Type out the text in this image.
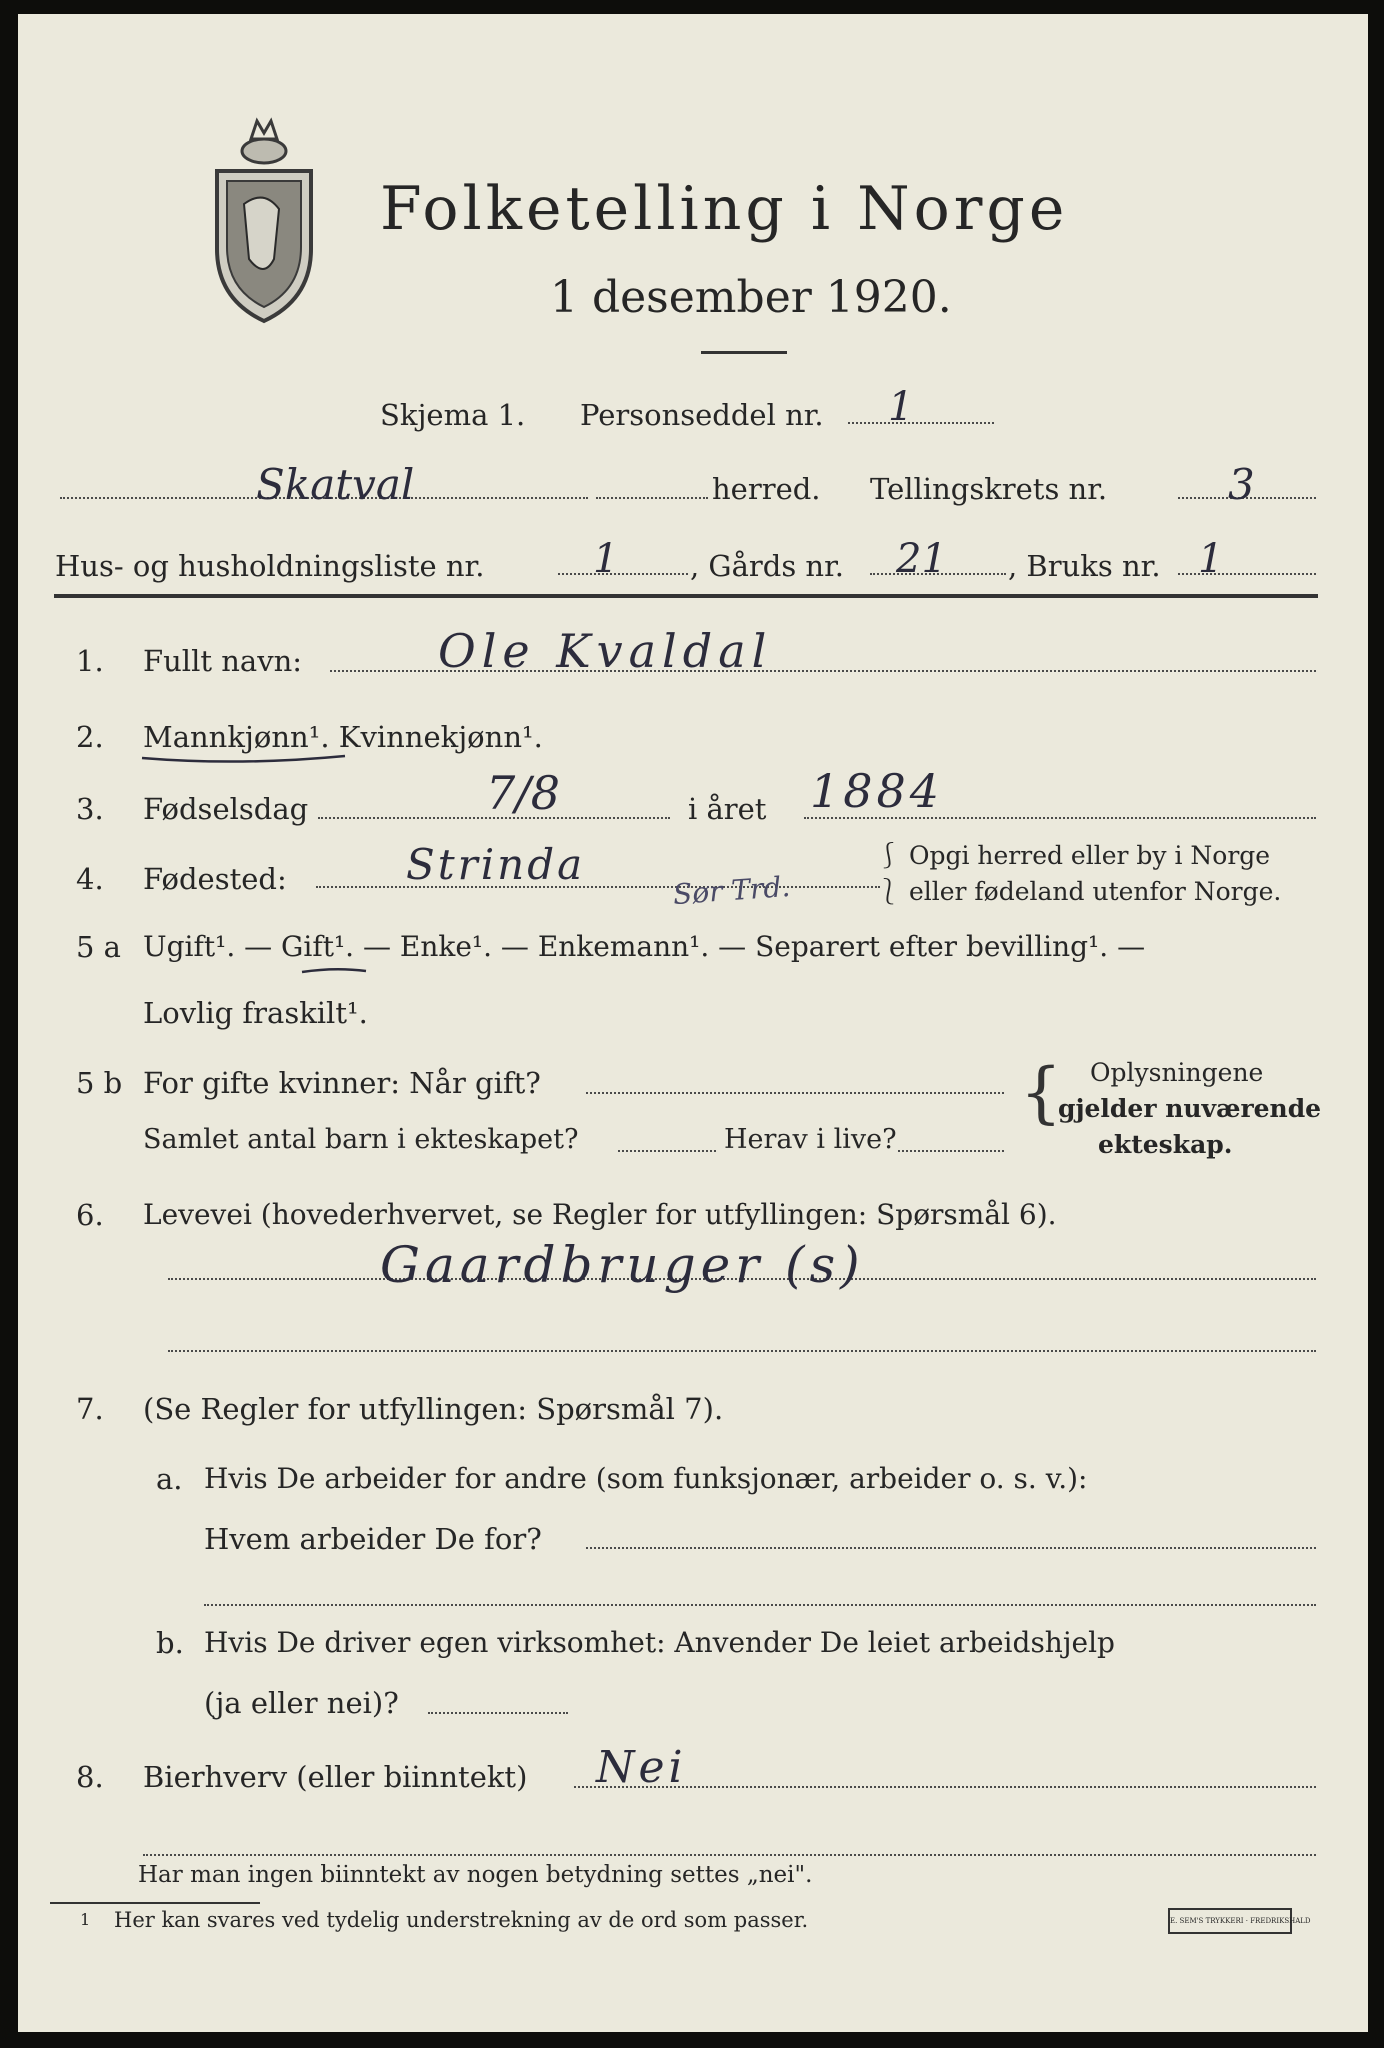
Folketelling i Norge
1 desember 1920.
Skjema 1. Personseddel nr. 1
Skatval	herred. Tellingskrets nr.	3
Hus- og husholdningsliste nr.	1 , Gårds nr. 21 , Bruks nr. 1
1. Fullt navn:	Ole Kvaldal
2. Mannkjønn¹. Kvinnekjønn¹.
3. Fødselsdag	7/8	i året 1884
4. Fødested:	Strinda
Sør Trd.
⎰ Opgi herred eller by i Norge
⎱ eller fødeland utenfor Norge.
5 a Ugift¹. — Gift¹. — Enke¹. — Enkemann¹. — Separert efter bevilling¹. —
Lovlig fraskilt¹.
5 b For gifte kvinner: Når gift?
Samlet antal barn i ekteskapet?	Herav i live?
{ Oplysningene
gjelder nuværende
ekteskap.
6. Levevei (hovederhvervet, se Regler for utfyllingen: Spørsmål 6).
Gaardbruger (s)
7. (Se Regler for utfyllingen: Spørsmål 7).
a. Hvis De arbeider for andre (som funksjonær, arbeider o. s. v.):
Hvem arbeider De for?
b. Hvis De driver egen virksomhet: Anvender De leiet arbeidshjelp
(ja eller nei)?
8. Bierhverv (eller biinntekt) Nei
Har man ingen biinntekt av nogen betydning settes „nei".
1 Her kan svares ved tydelig understrekning av de ord som passer.	E. SEM'S TRYKKERI · FREDRIKSHALD
